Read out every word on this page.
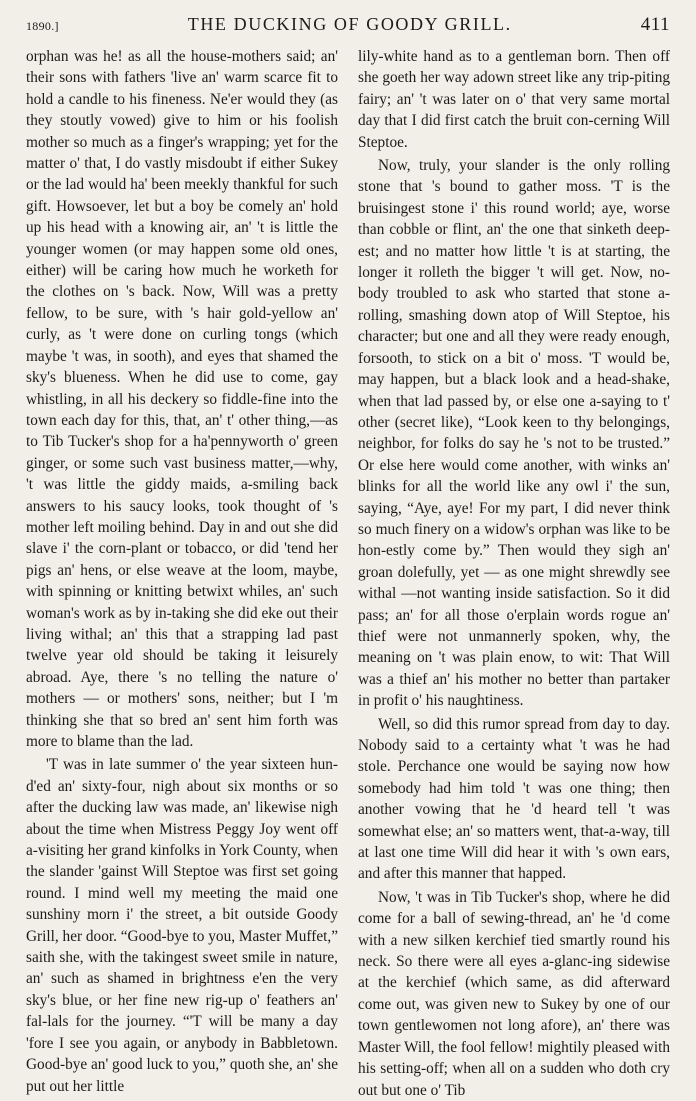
1890.]	THE DUCKING OF GOODY GRILL.	411

orphan was he! as all the house-mothers said; an' their sons with fathers 'live an' warm scarce fit to hold a candle to his fineness. Ne'er would they (as they stoutly vowed) give to him or his foolish mother so much as a finger's wrapping; yet for the matter o' that, I do vastly misdoubt if either Sukey or the lad would ha' been meekly thankful for such gift. Howsoever, let but a boy be comely an' hold up his head with a knowing air, an' 't is little the younger women (or may happen some old ones, either) will be caring how much he worketh for the clothes on 's back. Now, Will was a pretty fellow, to be sure, with 's hair gold-yellow an' curly, as 't were done on curling tongs (which maybe 't was, in sooth), and eyes that shamed the sky's blueness. When he did use to come, gay whistling, in all his deckery so fiddle-fine into the town each day for this, that, an' t' other thing,—as to Tib Tucker's shop for a ha'pennyworth o' green ginger, or some such vast business matter,—why, 't was little the giddy maids, a-smiling back answers to his saucy looks, took thought of 's mother left moiling behind. Day in and out she did slave i' the corn-plant or tobacco, or did 'tend her pigs an' hens, or else weave at the loom, maybe, with spinning or knitting betwixt whiles, an' such woman's work as by in-taking she did eke out their living withal; an' this that a strapping lad past twelve year old should be taking it leisurely abroad. Aye, there 's no telling the nature o' mothers — or mothers' sons, neither; but I 'm thinking she that so bred an' sent him forth was more to blame than the lad.

'T was in late summer o' the year sixteen hun-d'ed an' sixty-four, nigh about six months or so after the ducking law was made, an' likewise nigh about the time when Mistress Peggy Joy went off a-visiting her grand kinfolks in York County, when the slander 'gainst Will Steptoe was first set going round. I mind well my meeting the maid one sunshiny morn i' the street, a bit outside Goody Grill, her door. “Good-bye to you, Master Muffet,” saith she, with the takingest sweet smile in nature, an' such as shamed in brightness e'en the very sky's blue, or her fine new rig-up o' feathers an' fal-lals for the journey. “'T will be many a day 'fore I see you again, or anybody in Babbletown. Good-bye an' good luck to you,” quoth she, an' she put out her little

lily-white hand as to a gentleman born. Then off she goeth her way adown street like any trip-piting fairy; an' 't was later on o' that very same mortal day that I did first catch the bruit con-cerning Will Steptoe.

Now, truly, your slander is the only rolling stone that 's bound to gather moss. 'T is the bruisingest stone i' this round world; aye, worse than cobble or flint, an' the one that sinketh deep-est; and no matter how little 't is at starting, the longer it rolleth the bigger 't will get. Now, no-body troubled to ask who started that stone a-rolling, smashing down atop of Will Steptoe, his character; but one and all they were ready enough, forsooth, to stick on a bit o' moss. 'T would be, may happen, but a black look and a head-shake, when that lad passed by, or else one a-saying to t' other (secret like), “Look keen to thy belongings, neighbor, for folks do say he 's not to be trusted.” Or else here would come another, with winks an' blinks for all the world like any owl i' the sun, saying, “Aye, aye! For my part, I did never think so much finery on a widow's orphan was like to be hon-estly come by.” Then would they sigh an' groan dolefully, yet — as one might shrewdly see withal —not wanting inside satisfaction. So it did pass; an' for all those o'erplain words rogue an' thief were not unmannerly spoken, why, the meaning on 't was plain enow, to wit: That Will was a thief an' his mother no better than partaker in profit o' his naughtiness.

Well, so did this rumor spread from day to day. Nobody said to a certainty what 't was he had stole. Perchance one would be saying now how somebody had him told 't was one thing; then another vowing that he 'd heard tell 't was somewhat else; an' so matters went, that-a-way, till at last one time Will did hear it with 's own ears, and after this manner that happed.

Now, 't was in Tib Tucker's shop, where he did come for a ball of sewing-thread, an' he 'd come with a new silken kerchief tied smartly round his neck. So there were all eyes a-glanc-ing sidewise at the kerchief (which same, as did afterward come out, was given new to Sukey by one of our town gentlewomen not long afore), an' there was Master Will, the fool fellow! mightily pleased with his setting-off; when all on a sudden who doth cry out but one o' Tib
